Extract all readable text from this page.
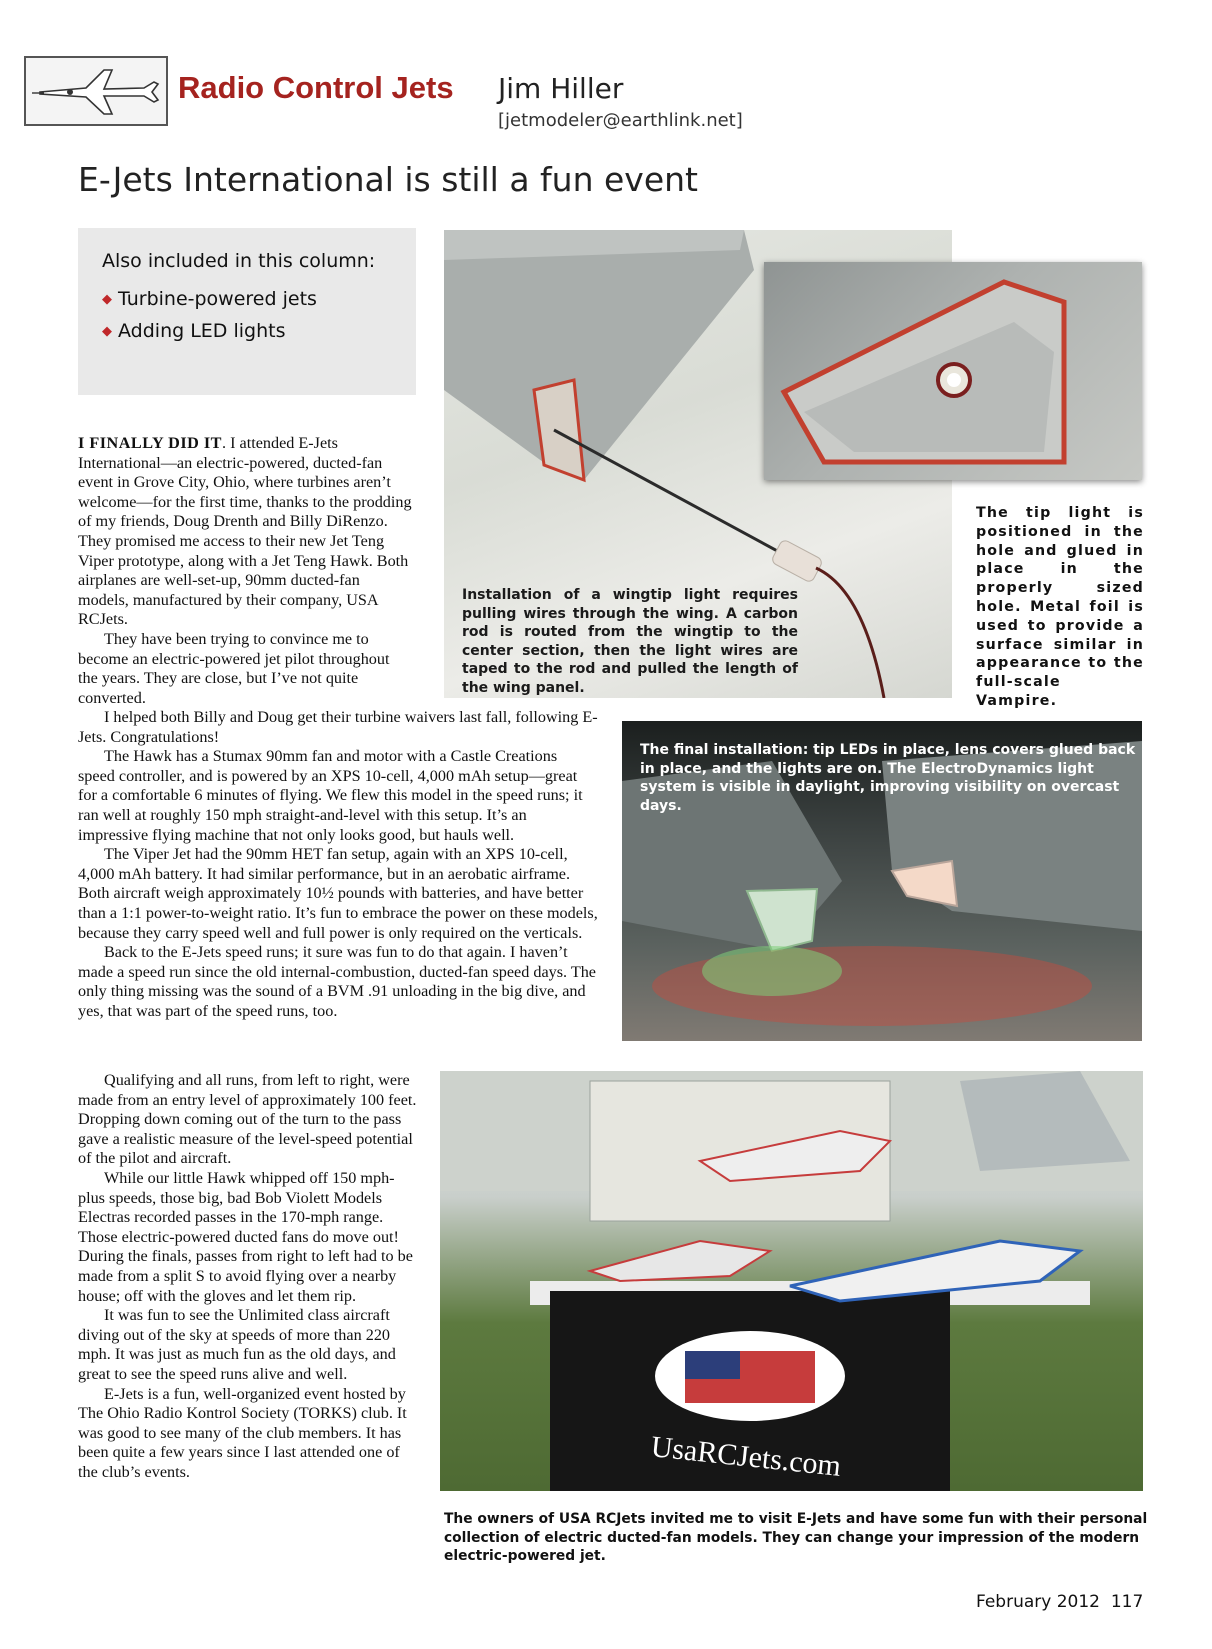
Radio Control Jets Jim Hiller
[jetmodeler@earthlink.net]
E-Jets International is still a fun event
Also included in this column:
◆ Turbine-powered jets
◆ Adding LED lights
UsaRCJets.com
Installation of a wingtip light requires pulling wires through the wing. A carbon rod is routed from the wingtip to the center section, then the light wires are taped to the rod and pulled the length of the wing panel.
The tip light is positioned in the hole and glued in place in the properly sized hole. Metal foil is used to provide a surface similar in appearance to the full-scale Vampire.
The final installation: tip LEDs in place, lens covers glued back in place, and the lights are on. The ElectroDynamics light system is visible in daylight, improving visibility on overcast days.
The owners of USA RCJets invited me to visit E-Jets and have some fun with their personal collection of electric ducted-fan models. They can change your impression of the modern electric-powered jet.

I FINALLY DID IT. I attended E-Jets International—an electric-powered, ducted-fan event in Grove City, Ohio, where turbines aren’t welcome—for the first time, thanks to the prodding of my friends, Doug Drenth and Billy DiRenzo. They promised me access to their new Jet Teng Viper prototype, along with a Jet Teng Hawk. Both airplanes are well-set-up, 90mm ducted-fan models, manufactured by their company, USA RCJets.

They have been trying to convince me to become an electric-powered jet pilot throughout the years. They are close, but I’ve not quite converted.

I helped both Billy and Doug get their turbine waivers last fall, following E-Jets. Congratulations!

The Hawk has a Stumax 90mm fan and motor with a Castle Creations speed controller, and is powered by an XPS 10-cell, 4,000 mAh setup—great for a comfortable 6 minutes of flying. We flew this model in the speed runs; it ran well at roughly 150 mph straight-and-level with this setup. It’s an impressive flying machine that not only looks good, but hauls well.

The Viper Jet had the 90mm HET fan setup, again with an XPS 10-cell, 4,000 mAh battery. It had similar performance, but in an aerobatic airframe. Both aircraft weigh approximately 10½ pounds with batteries, and have better than a 1:1 power-to-weight ratio. It’s fun to embrace the power on these models, because they carry speed well and full power is only required on the verticals.

Back to the E-Jets speed runs; it sure was fun to do that again. I haven’t made a speed run since the old internal-combustion, ducted-fan speed days. The only thing missing was the sound of a BVM .91 unloading in the big dive, and yes, that was part of the speed runs, too.

Qualifying and all runs, from left to right, were made from an entry level of approximately 100 feet. Dropping down coming out of the turn to the pass gave a realistic measure of the level-speed potential of the pilot and aircraft.

While our little Hawk whipped off 150 mph-plus speeds, those big, bad Bob Violett Models Electras recorded passes in the 170-mph range. Those electric-powered ducted fans do move out! During the finals, passes from right to left had to be made from a split S to avoid flying over a nearby house; off with the gloves and let them rip.

It was fun to see the Unlimited class aircraft diving out of the sky at speeds of more than 220 mph. It was just as much fun as the old days, and great to see the speed runs alive and well.

E-Jets is a fun, well-organized event hosted by The Ohio Radio Kontrol Society (TORKS) club. It was good to see many of the club members. It has been quite a few years since I last attended one of the club’s events.

February 2012 117
